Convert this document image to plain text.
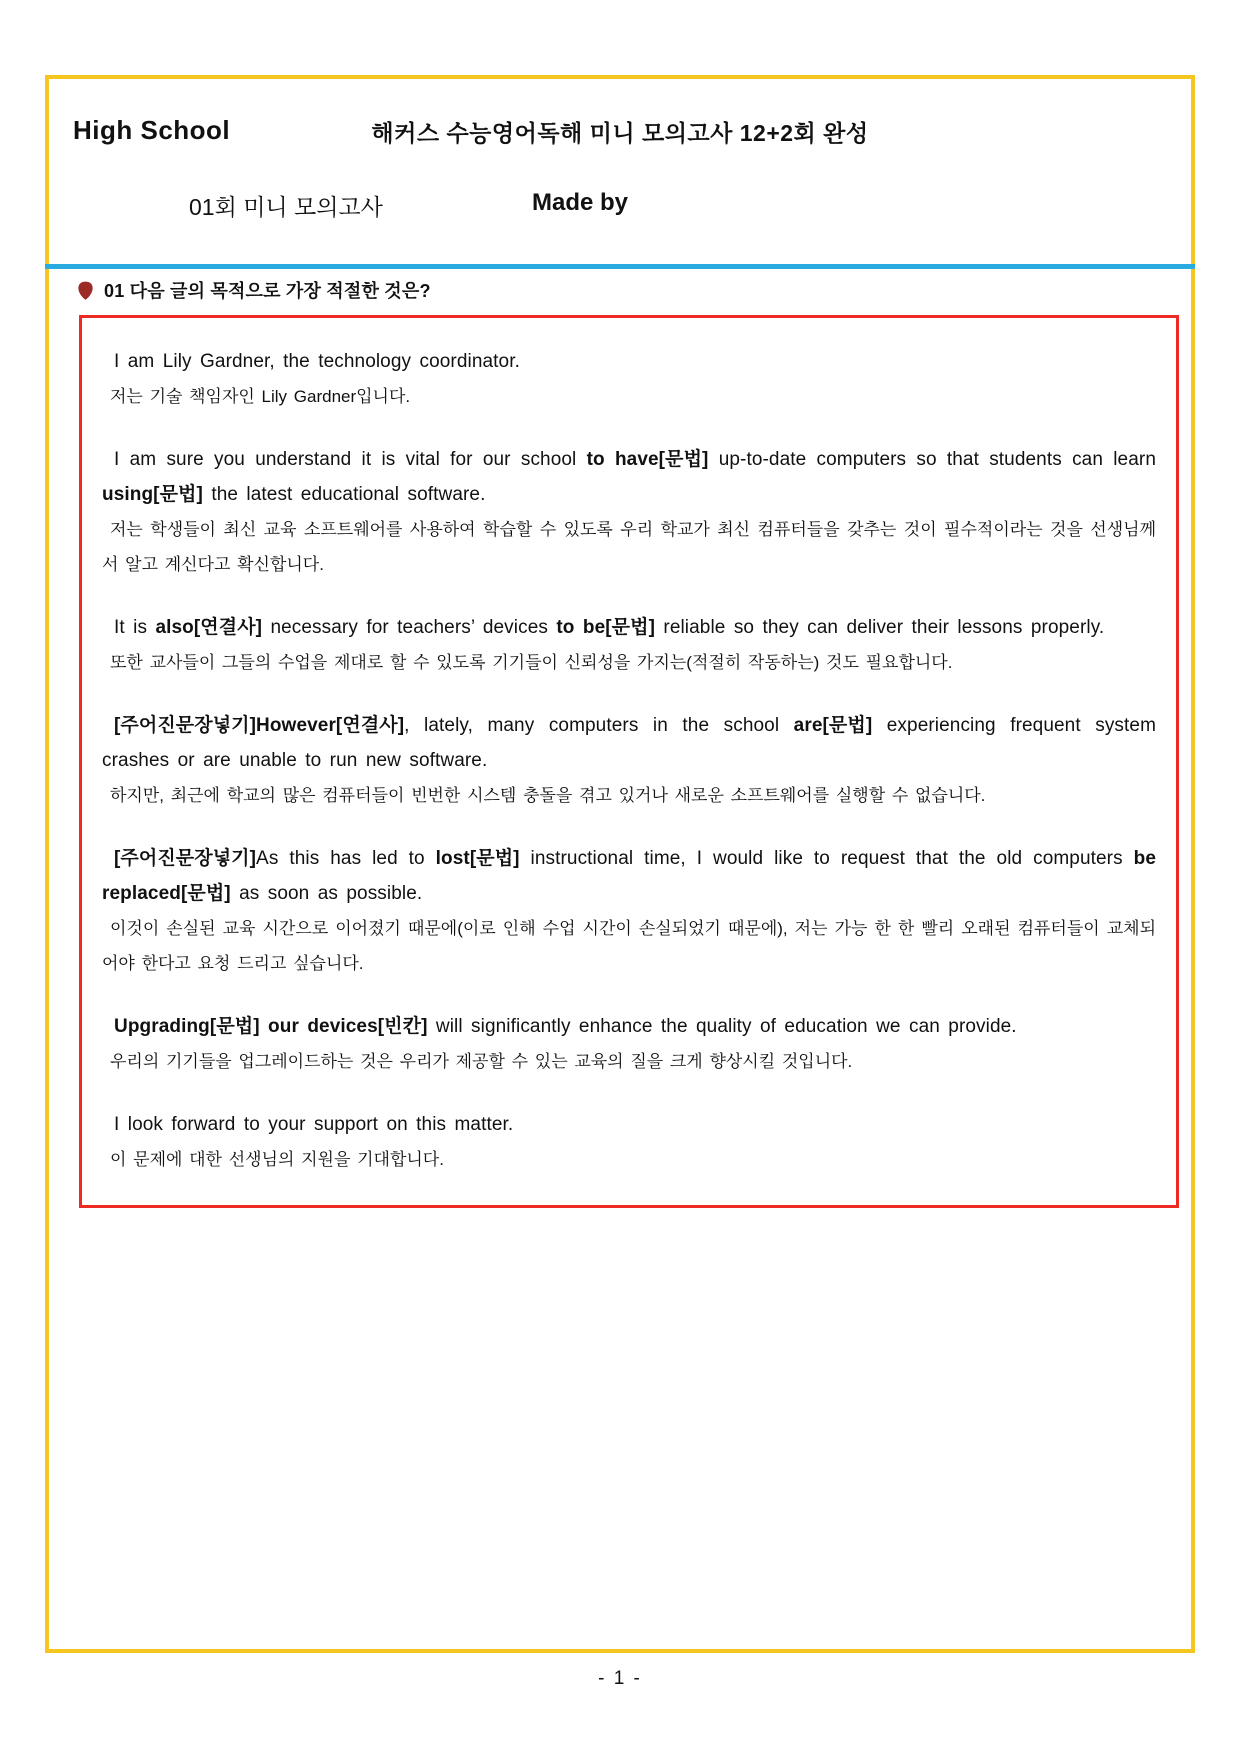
해커스 수능영어독해 미니 모의고사 12+2회 완성
High School
01회 미니 모의고사	Made by
01 다음 글의 목적으로 가장 적절한 것은?

I am Lily Gardner, the technology coordinator.

저는 기술 책임자인 Lily Gardner입니다.

I am sure you understand it is vital for our school to have[문법] up-to-date computers so that students can learn using[문법] the latest educational software.

저는 학생들이 최신 교육 소프트웨어를 사용하여 학습할 수 있도록 우리 학교가 최신 컴퓨터들을 갖추는 것이 필수적이라는 것을 선생님께서 알고 계신다고 확신합니다.

It is also[연결사] necessary for teachers’ devices to be[문법] reliable so they can deliver their lessons properly.

또한 교사들이 그들의 수업을 제대로 할 수 있도록 기기들이 신뢰성을 가지는(적절히 작동하는) 것도 필요합니다.

[주어진문장넣기]However[연결사], lately, many computers in the school are[문법] experiencing frequent system crashes or are unable to run new software.

하지만, 최근에 학교의 많은 컴퓨터들이 빈번한 시스템 충돌을 겪고 있거나 새로운 소프트웨어를 실행할 수 없습니다.

[주어진문장넣기]As this has led to lost[문법] instructional time, I would like to request that the old computers be replaced[문법] as soon as possible.

이것이 손실된 교육 시간으로 이어졌기 때문에(이로 인해 수업 시간이 손실되었기 때문에), 저는 가능 한 한 빨리 오래된 컴퓨터들이 교체되어야 한다고 요청 드리고 싶습니다.

Upgrading[문법] our devices[빈칸] will significantly enhance the quality of education we can provide.

우리의 기기들을 업그레이드하는 것은 우리가 제공할 수 있는 교육의 질을 크게 향상시킬 것입니다.

I look forward to your support on this matter.

이 문제에 대한 선생님의 지원을 기대합니다.

- 1 -
